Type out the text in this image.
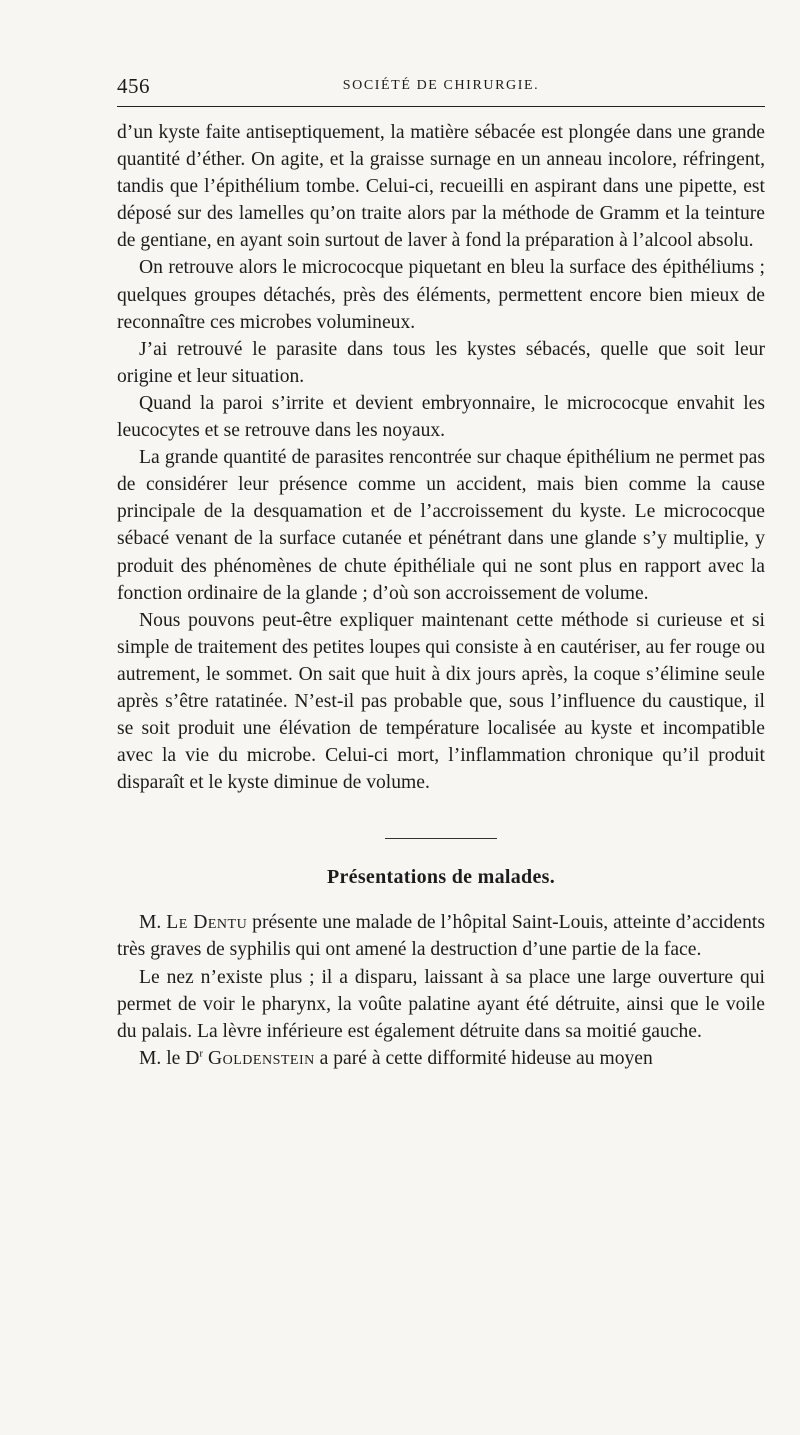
456	SOCIÉTÉ DE CHIRURGIE.

d’un kyste faite antiseptiquement, la matière sébacée est plongée dans une grande quantité d’éther. On agite, et la graisse surnage en un anneau incolore, réfringent, tandis que l’épithélium tombe. Celui-ci, recueilli en aspirant dans une pipette, est déposé sur des lamelles qu’on traite alors par la méthode de Gramm et la teinture de gentiane, en ayant soin surtout de laver à fond la préparation à l’alcool absolu.

On retrouve alors le micrococque piquetant en bleu la surface des épithéliums ; quelques groupes détachés, près des éléments, permettent encore bien mieux de reconnaître ces microbes volumineux.

J’ai retrouvé le parasite dans tous les kystes sébacés, quelle que soit leur origine et leur situation.

Quand la paroi s’irrite et devient embryonnaire, le micrococque envahit les leucocytes et se retrouve dans les noyaux.

La grande quantité de parasites rencontrée sur chaque épithélium ne permet pas de considérer leur présence comme un accident, mais bien comme la cause principale de la desquamation et de l’accroissement du kyste. Le micrococque sébacé venant de la surface cutanée et pénétrant dans une glande s’y multiplie, y produit des phénomènes de chute épithéliale qui ne sont plus en rapport avec la fonction ordinaire de la glande ; d’où son accroissement de volume.

Nous pouvons peut-être expliquer maintenant cette méthode si curieuse et si simple de traitement des petites loupes qui consiste à en cautériser, au fer rouge ou autrement, le sommet. On sait que huit à dix jours après, la coque s’élimine seule après s’être ratatinée. N’est-il pas probable que, sous l’influence du caustique, il se soit produit une élévation de température localisée au kyste et incompatible avec la vie du microbe. Celui-ci mort, l’inflammation chronique qu’il produit disparaît et le kyste diminue de volume.

Présentations de malades.

M. Le Dentu présente une malade de l’hôpital Saint-Louis, atteinte d’accidents très graves de syphilis qui ont amené la destruction d’une partie de la face.

Le nez n’existe plus ; il a disparu, laissant à sa place une large ouverture qui permet de voir le pharynx, la voûte palatine ayant été détruite, ainsi que le voile du palais. La lèvre inférieure est également détruite dans sa moitié gauche.

M. le $D^r$ Goldenstein a paré à cette difformité hideuse au moyen
